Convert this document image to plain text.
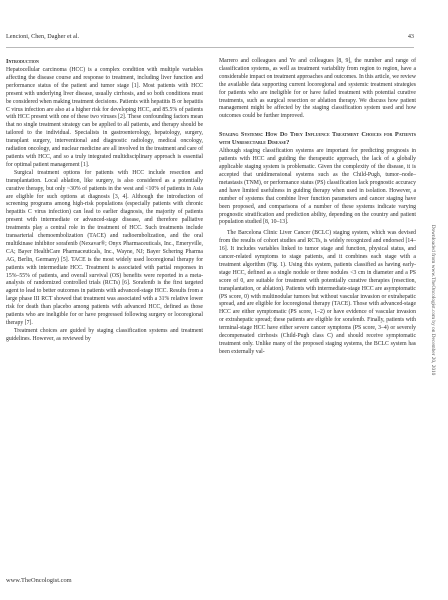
Lencioni, Chen, Dagher et al.	43
Introduction

Hepatocellular carcinoma (HCC) is a complex condition with multiple variables affecting the disease course and response to treatment, including liver function and performance status of the patient and tumor stage [1]. Most patients with HCC present with underlying liver disease, usually cirrhosis, and so both conditions must be considered when making treatment decisions. Patients with hepatitis B or hepatitis C virus infection are also at a higher risk for developing HCC, and 85.5% of patients with HCC present with one of these two viruses [2]. These confounding factors mean that no single treatment strategy can be applied to all patients, and therapy should be tailored to the individual. Specialists in gastroenterology, hepatology, surgery, transplant surgery, interventional and diagnostic radiology, medical oncology, radiation oncology, and nuclear medicine are all involved in the treatment and care of patients with HCC, and so a truly integrated multidisciplinary approach is essential for optimal patient management [1].

Surgical treatment options for patients with HCC include resection and transplantation. Local ablation, like surgery, is also considered as a potentially curative therapy, but only ~30% of patients in the west and <10% of patients in Asia are eligible for such options at diagnosis [3, 4]. Although the introduction of screening programs among high-risk populations (especially patients with chronic hepatitis C virus infection) can lead to earlier diagnosis, the majority of patients present with intermediate or advanced-stage disease, and therefore palliative treatments play a central role in the treatment of HCC. Such treatments include transarterial chemoembolization (TACE) and radioembolization, and the oral multikinase inhibitor sorafenib (Nexavar®; Onyx Pharmaceuticals, Inc., Emeryville, CA; Bayer HealthCare Pharmaceuticals, Inc., Wayne, NJ; Bayer Schering Pharma AG, Berlin, Germany) [5]. TACE is the most widely used locoregional therapy for patients with intermediate HCC. Treatment is associated with partial responses in 15%–55% of patients, and overall survival (OS) benefits were reported in a meta-analysis of randomized controlled trials (RCTs) [6]. Sorafenib is the first targeted agent to lead to better outcomes in patients with advanced-stage HCC. Results from a large phase III RCT showed that treatment was associated with a 31% relative lower risk for death than placebo among patients with advanced HCC, defined as those patients who are ineligible for or have progressed following surgery or locoregional therapy [7].

Treatment choices are guided by staging classification systems and treatment guidelines. However, as reviewed by

Marrero and colleagues and Ye and colleagues [8, 9], the number and range of classification systems, as well as treatment variability from region to region, have a considerable impact on treatment approaches and outcomes. In this article, we review the available data supporting current locoregional and systemic treatment strategies for patients who are ineligible for or have failed treatment with potential curative treatments, such as surgical resection or ablation therapy. We discuss how patient management might be affected by the staging classification system used and how outcomes could be further improved.

Staging Systems: How Do They Influence Treatment Choices for Patients with Unresectable Disease?

Although staging classification systems are important for predicting prognosis in patients with HCC and guiding the therapeutic approach, the lack of a globally applicable staging system is problematic. Given the complexity of the disease, it is accepted that unidimensional systems such as the Child-Pugh, tumor–node–metastasis (TNM), or performance status (PS) classification lack prognostic accuracy and have limited usefulness in guiding therapy when used in isolation. However, a number of systems that combine liver function parameters and cancer staging have been proposed, and comparisons of a number of these systems indicate varying prognostic stratification and prediction ability, depending on the country and patient population studied [8, 10–13].

The Barcelona Clinic Liver Cancer (BCLC) staging system, which was devised from the results of cohort studies and RCTs, is widely recognized and endorsed [14–16]. It includes variables linked to tumor stage and function, physical status, and cancer-related symptoms to stage patients, and it combines each stage with a treatment algorithm (Fig. 1). Using this system, patients classified as having early-stage HCC, defined as a single nodule or three nodules <3 cm in diameter and a PS score of 0, are suitable for treatment with potentially curative therapies (resection, transplantation, or ablation). Patients with intermediate-stage HCC are asymptomatic (PS score, 0) with multinodular tumors but without vascular invasion or extrahepatic spread, and are eligible for locoregional therapy (TACE). Those with advanced-stage HCC are either symptomatic (PS score, 1–2) or have evidence of vascular invasion or extrahepatic spread; these patients are eligible for sorafenib. Finally, patients with terminal-stage HCC have either severe cancer symptoms (PS score, 3–4) or severely decompensated cirrhosis (Child-Pugh class C) and should receive symptomatic treatment only. Unlike many of the proposed staging systems, the BCLC system has been externally val-

www.TheOncologist.com
Downloaded from www.TheOncologist.com by on December 20, 2010
